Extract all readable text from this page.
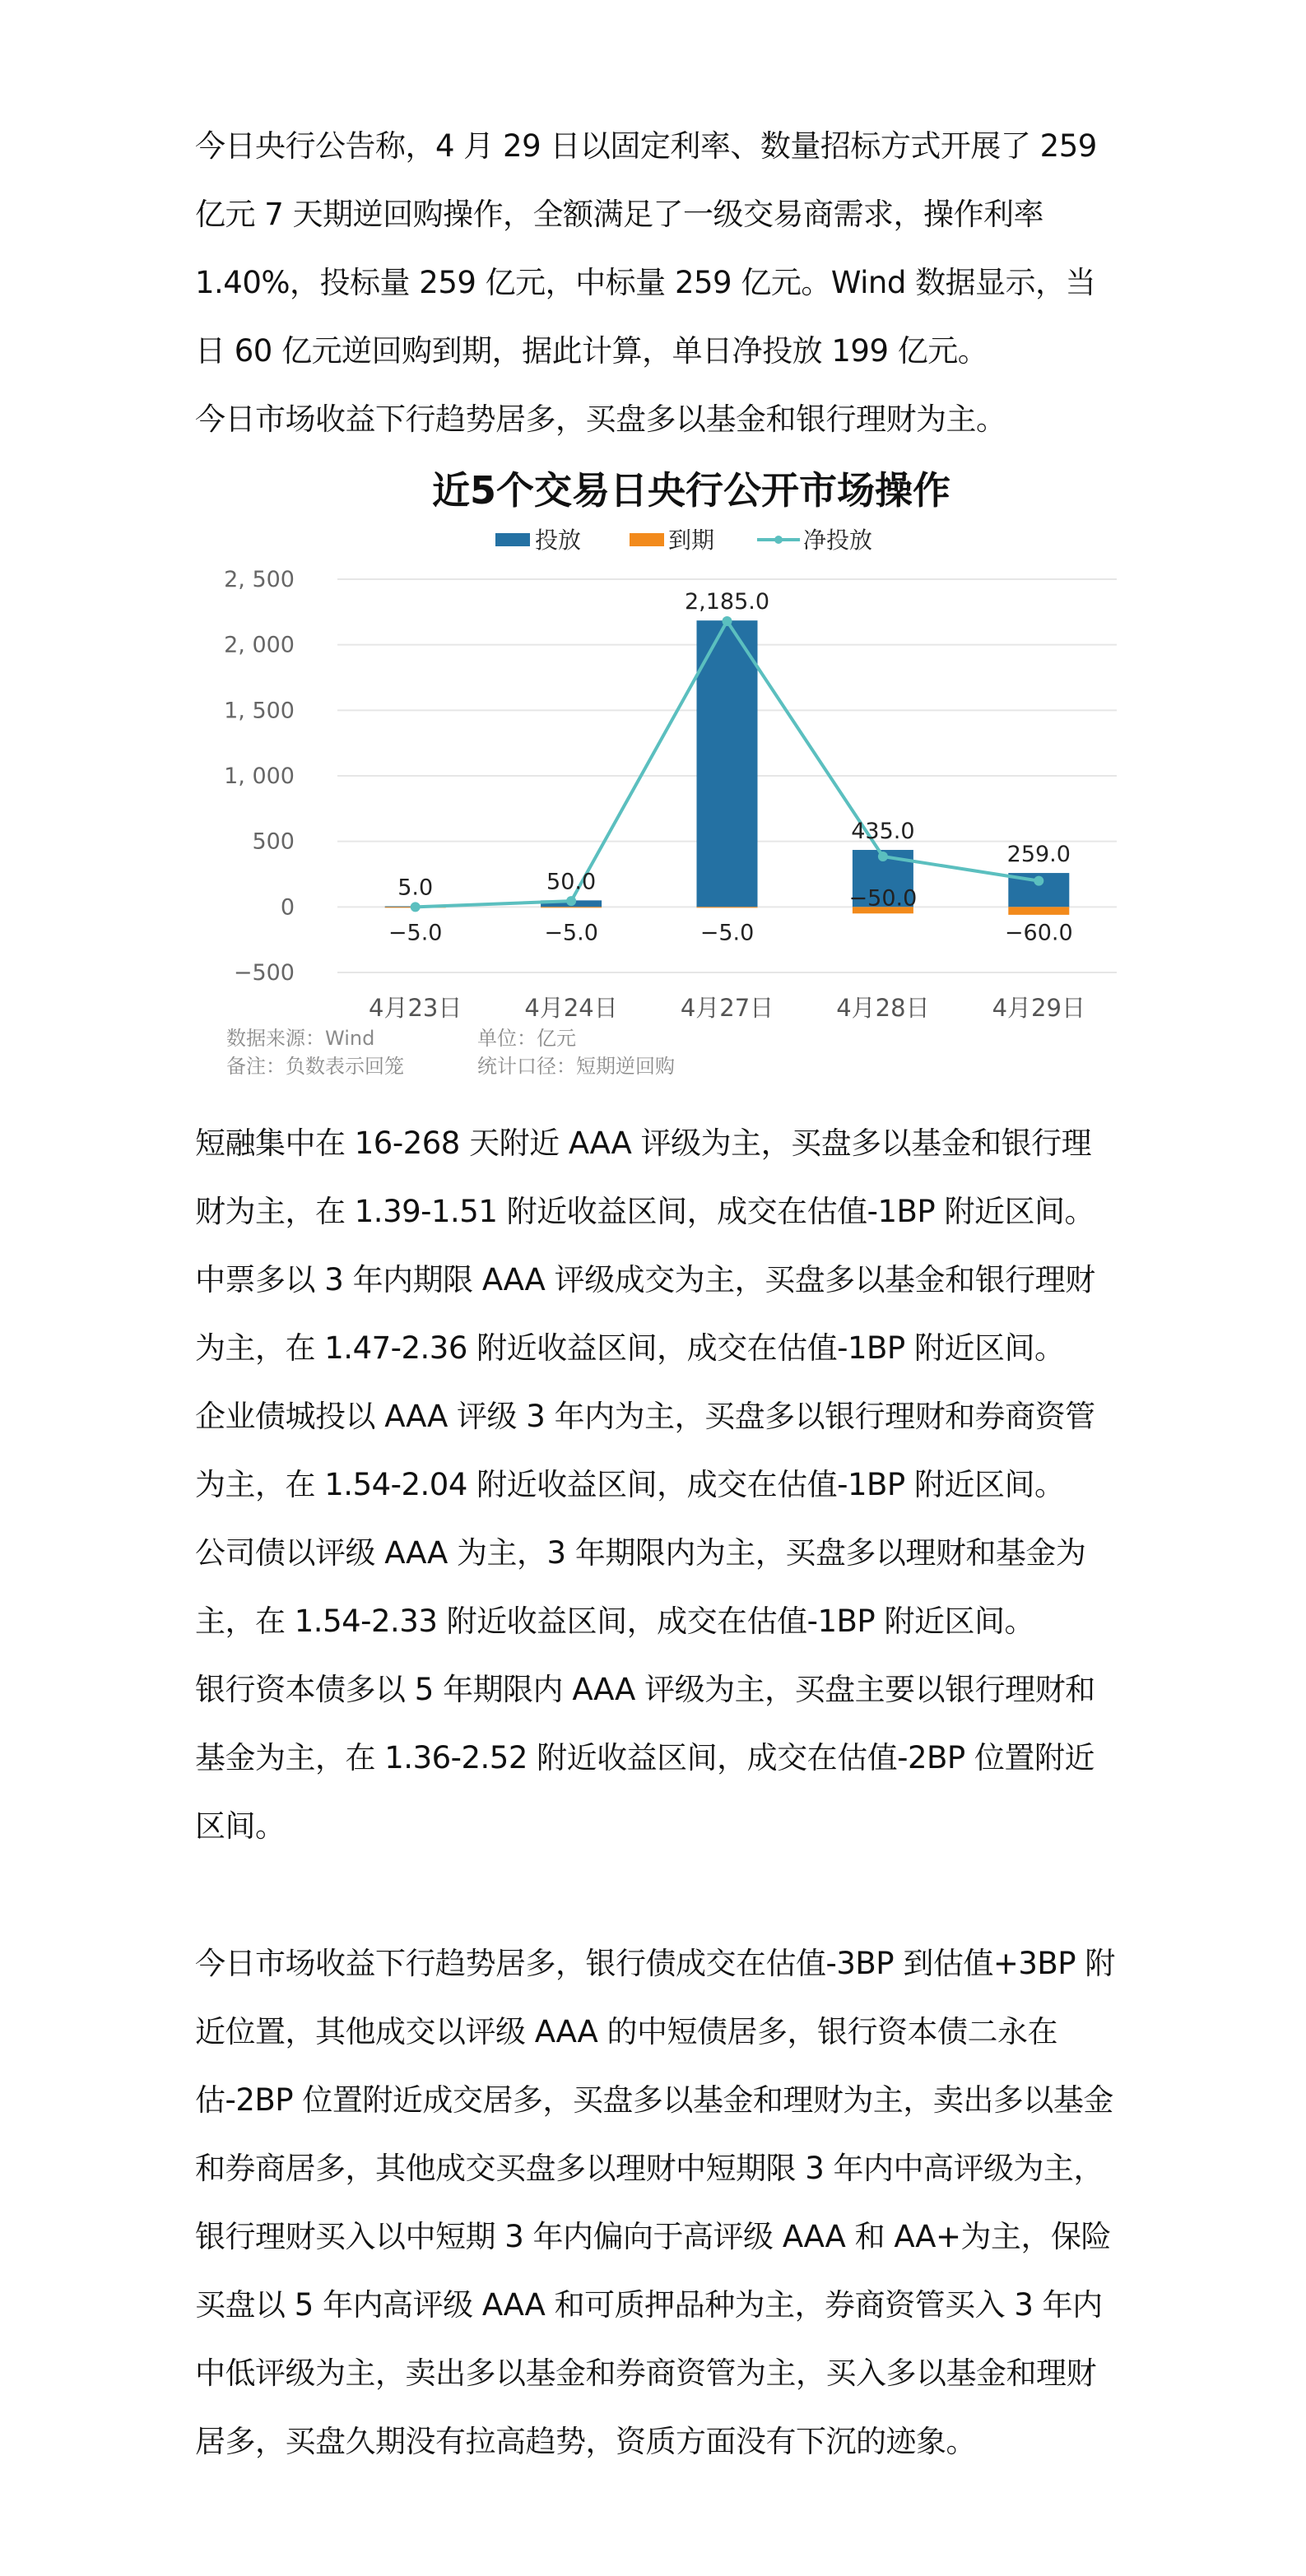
今日央行公告称，4 月 29 日以固定利率、数量招标方式开展了 259 亿元 7 天期逆回购操作，全额满足了一级交易商需求，操作利率 1.40%，投标量 259 亿元，中标量 259 亿元。Wind 数据显示，当日 60 亿元逆回购到期，据此计算，单日净投放 199 亿元。

今日市场收益下行趋势居多，买盘多以基金和银行理财为主。

近5个交易日央行公开市场操作
投放	到期	净投放
2, 500
2, 000
1, 500
1, 000
500
0
−500
5.0
−5.0
50.0
−5.0
2,185.0
−5.0
435.0
−50.0
259.0
−60.0
4月23日	4月24日	4月27日	4月28日	4月29日
数据来源：Wind	单位：亿元
备注：负数表示回笼	统计口径：短期逆回购

短融集中在 16-268 天附近 AAA 评级为主，买盘多以基金和银行理财为主，在 1.39-1.51 附近收益区间，成交在估值-1BP 附近区间。

中票多以 3 年内期限 AAA 评级成交为主，买盘多以基金和银行理财为主，在 1.47-2.36 附近收益区间，成交在估值-1BP 附近区间。

企业债城投以 AAA 评级 3 年内为主，买盘多以银行理财和券商资管为主，在 1.54-2.04 附近收益区间，成交在估值-1BP 附近区间。

公司债以评级 AAA 为主，3 年期限内为主，买盘多以理财和基金为主，在 1.54-2.33 附近收益区间，成交在估值-1BP 附近区间。

银行资本债多以 5 年期限内 AAA 评级为主，买盘主要以银行理财和基金为主，在 1.36-2.52 附近收益区间，成交在估值-2BP 位置附近区间。

今日市场收益下行趋势居多，银行债成交在估值-3BP 到估值+3BP 附近位置，其他成交以评级 AAA 的中短债居多，银行资本债二永在估-2BP 位置附近成交居多，买盘多以基金和理财为主，卖出多以基金和券商居多，其他成交买盘多以理财中短期限 3 年内中高评级为主，银行理财买入以中短期 3 年内偏向于高评级 AAA 和 AA+为主，保险买盘以 5 年内高评级 AAA 和可质押品种为主，券商资管买入 3 年内中低评级为主，卖出多以基金和券商资管为主，买入多以基金和理财居多，买盘久期没有拉高趋势，资质方面没有下沉的迹象。
